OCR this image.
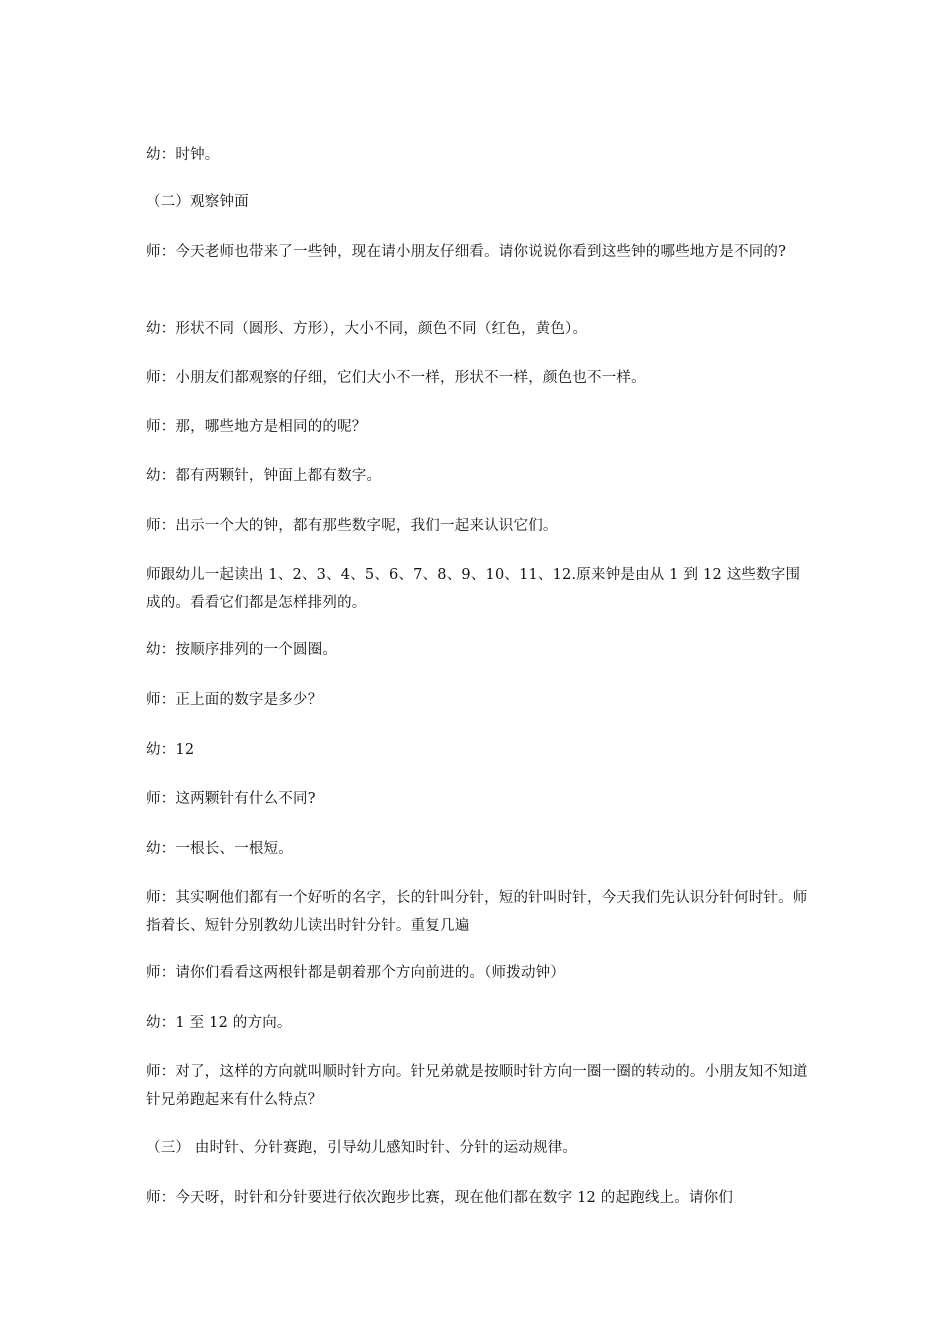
幼：时钟。
（二）观察钟面
师：今天老师也带来了一些钟，现在请小朋友仔细看。请你说说你看到这些钟的哪些地方是不同的?
幼：形状不同（圆形、方形），大小不同，颜色不同（红色，黄色）。
师：小朋友们都观察的仔细，它们大小不一样，形状不一样，颜色也不一样。
师：那，哪些地方是相同的的呢？
幼：都有两颗针，钟面上都有数字。
师：出示一个大的钟，都有那些数字呢，我们一起来认识它们。
师跟幼儿一起读出 1、2、3、4、5、6、7、8、9、10、11、12.原来钟是由从 1 到 12 这些数字围成的。看看它们都是怎样排列的。
幼：按顺序排列的一个圆圈。
师：正上面的数字是多少？
幼：12
师：这两颗针有什么不同?
幼：一根长、一根短。
师：其实啊他们都有一个好听的名字，长的针叫分针，短的针叫时针，今天我们先认识分针何时针。师指着长、短针分别教幼儿读出时针分针。重复几遍
师：请你们看看这两根针都是朝着那个方向前进的。（师拨动钟）
幼：1 至 12 的方向。
师：对了，这样的方向就叫顺时针方向。针兄弟就是按顺时针方向一圈一圈的转动的。小朋友知不知道针兄弟跑起来有什么特点？
（三） 由时针、分针赛跑，引导幼儿感知时针、分针的运动规律。
师：今天呀，时针和分针要进行依次跑步比赛，现在他们都在数字 12 的起跑线上。请你们
